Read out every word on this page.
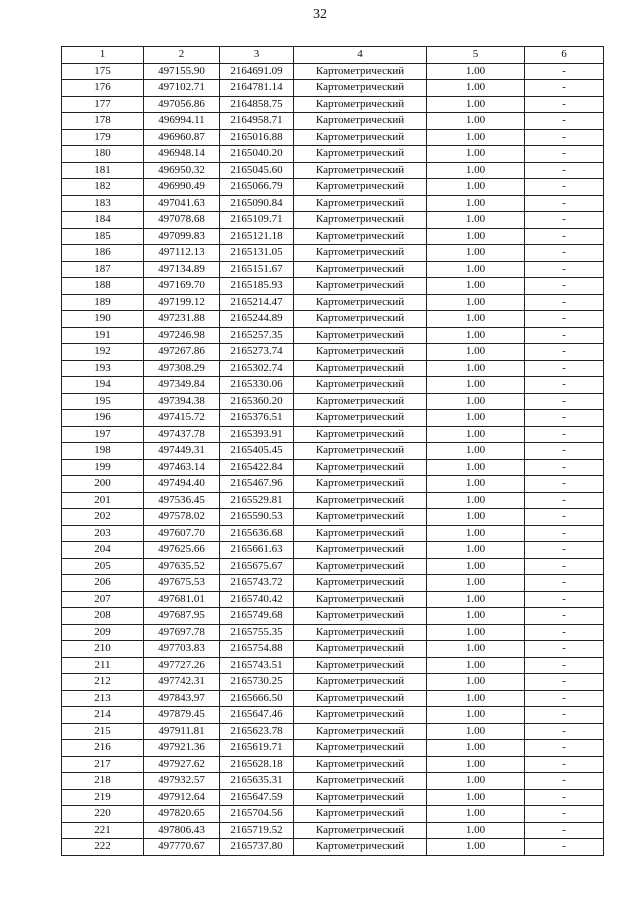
32
1	2	3	4	5	6
175	497155.90	2164691.09	Картометрический	1.00	-
176	497102.71	2164781.14	Картометрический	1.00	-
177	497056.86	2164858.75	Картометрический	1.00	-
178	496994.11	2164958.71	Картометрический	1.00	-
179	496960.87	2165016.88	Картометрический	1.00	-
180	496948.14	2165040.20	Картометрический	1.00	-
181	496950.32	2165045.60	Картометрический	1.00	-
182	496990.49	2165066.79	Картометрический	1.00	-
183	497041.63	2165090.84	Картометрический	1.00	-
184	497078.68	2165109.71	Картометрический	1.00	-
185	497099.83	2165121.18	Картометрический	1.00	-
186	497112.13	2165131.05	Картометрический	1.00	-
187	497134.89	2165151.67	Картометрический	1.00	-
188	497169.70	2165185.93	Картометрический	1.00	-
189	497199.12	2165214.47	Картометрический	1.00	-
190	497231.88	2165244.89	Картометрический	1.00	-
191	497246.98	2165257.35	Картометрический	1.00	-
192	497267.86	2165273.74	Картометрический	1.00	-
193	497308.29	2165302.74	Картометрический	1.00	-
194	497349.84	2165330.06	Картометрический	1.00	-
195	497394.38	2165360.20	Картометрический	1.00	-
196	497415.72	2165376.51	Картометрический	1.00	-
197	497437.78	2165393.91	Картометрический	1.00	-
198	497449.31	2165405.45	Картометрический	1.00	-
199	497463.14	2165422.84	Картометрический	1.00	-
200	497494.40	2165467.96	Картометрический	1.00	-
201	497536.45	2165529.81	Картометрический	1.00	-
202	497578.02	2165590.53	Картометрический	1.00	-
203	497607.70	2165636.68	Картометрический	1.00	-
204	497625.66	2165661.63	Картометрический	1.00	-
205	497635.52	2165675.67	Картометрический	1.00	-
206	497675.53	2165743.72	Картометрический	1.00	-
207	497681.01	2165740.42	Картометрический	1.00	-
208	497687.95	2165749.68	Картометрический	1.00	-
209	497697.78	2165755.35	Картометрический	1.00	-
210	497703.83	2165754.88	Картометрический	1.00	-
211	497727.26	2165743.51	Картометрический	1.00	-
212	497742.31	2165730.25	Картометрический	1.00	-
213	497843.97	2165666.50	Картометрический	1.00	-
214	497879.45	2165647.46	Картометрический	1.00	-
215	497911.81	2165623.78	Картометрический	1.00	-
216	497921.36	2165619.71	Картометрический	1.00	-
217	497927.62	2165628.18	Картометрический	1.00	-
218	497932.57	2165635.31	Картометрический	1.00	-
219	497912.64	2165647.59	Картометрический	1.00	-
220	497820.65	2165704.56	Картометрический	1.00	-
221	497806.43	2165719.52	Картометрический	1.00	-
222	497770.67	2165737.80	Картометрический	1.00	-
